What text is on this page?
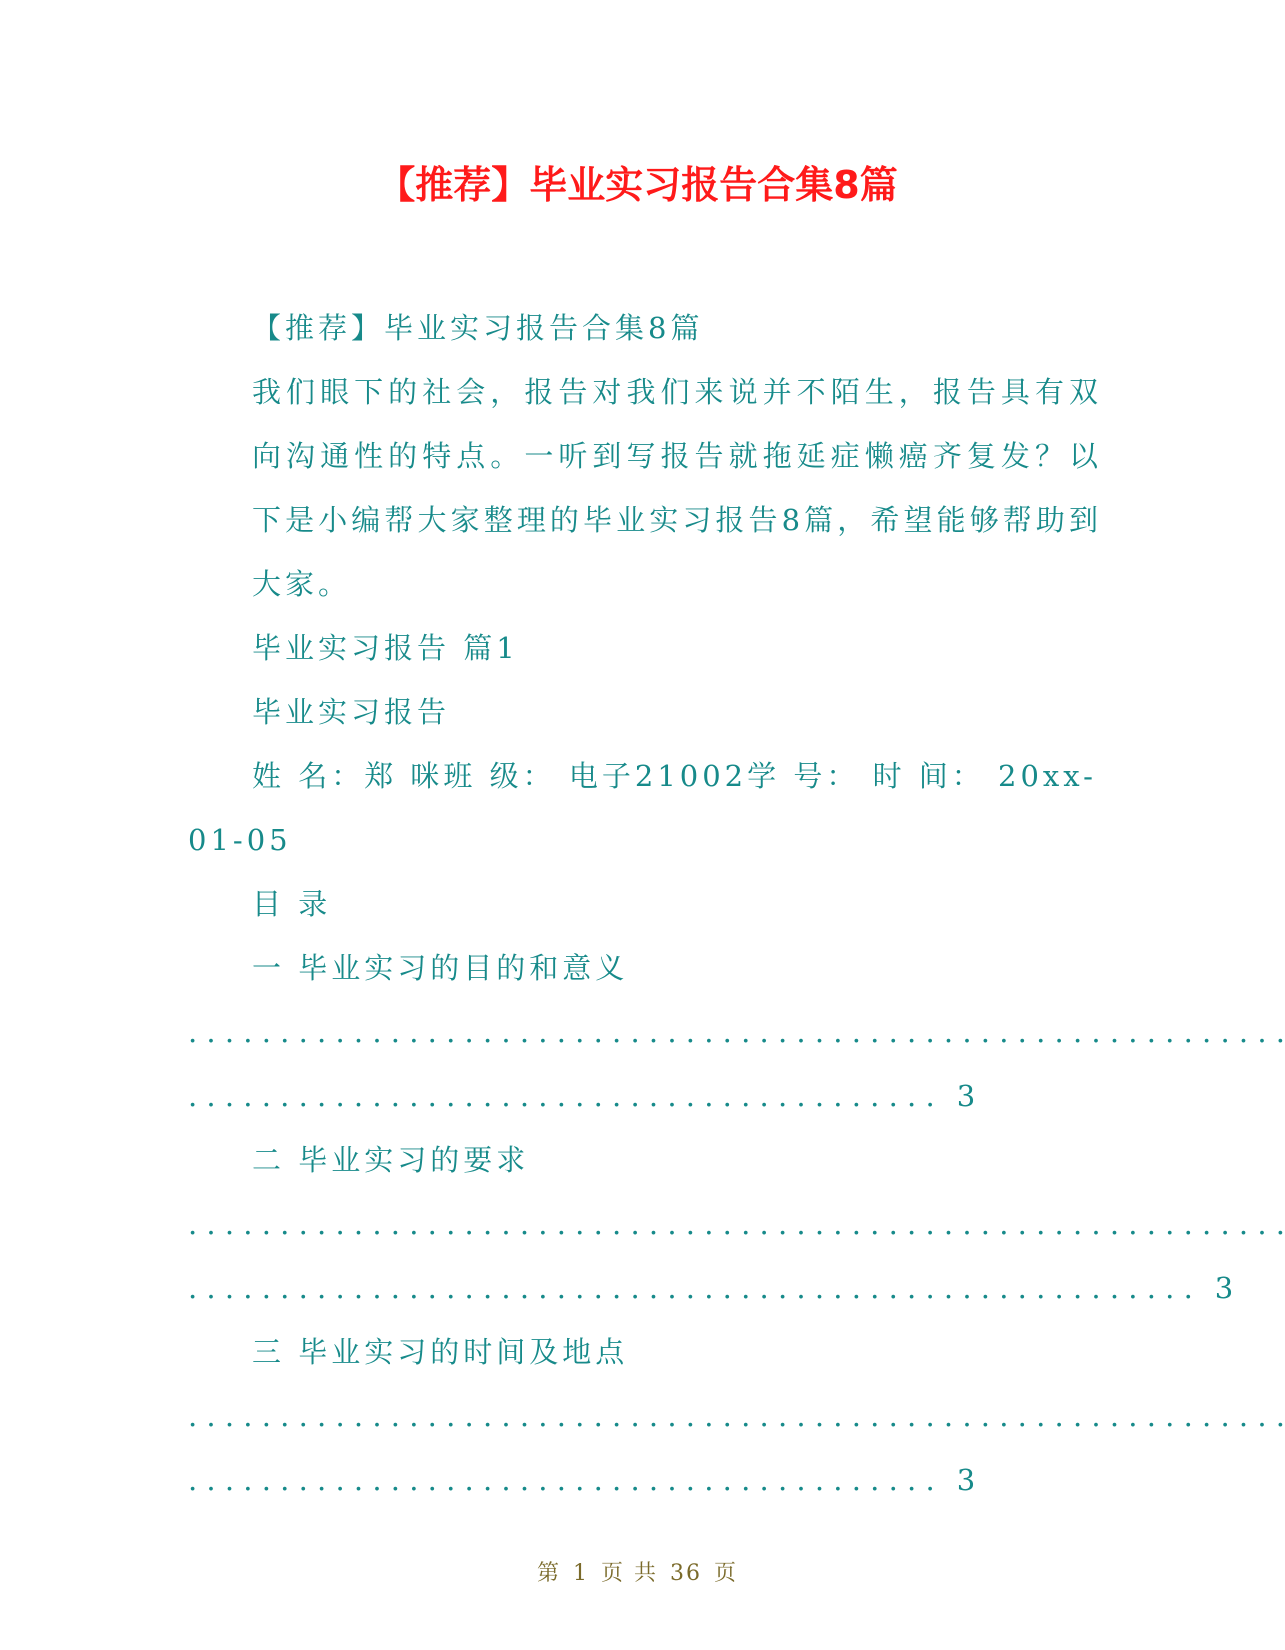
【推荐】毕业实习报告合集8篇

【推荐】毕业实习报告合集8篇

我们眼下的社会，报告对我们来说并不陌生，报告具有双向沟通性的特点。一听到写报告就拖延症懒癌齐复发？以下是小编帮大家整理的毕业实习报告8篇，希望能够帮助到大家。

毕业实习报告 篇1

毕业实习报告

姓 名：郑 咪班 级： 电子21002学 号： 时 间： 20xx-

01-05

目 录

一 毕业实习的目的和意义

. . . . . . . . . . . . . . . . . . . . . . . . . . . . . . . . . . . . . . . . . . . . . . . . . . . . . . . . . . . .

. . . . . . . . . . . . . . . . . . . . . . . . . . . . . . . . . . . . . . . . . 3

二 毕业实习的要求

. . . . . . . . . . . . . . . . . . . . . . . . . . . . . . . . . . . . . . . . . . . . . . . . . . . . . . . . . . . .

. . . . . . . . . . . . . . . . . . . . . . . . . . . . . . . . . . . . . . . . . . . . . . . . . . . . . . . 3

三 毕业实习的时间及地点

. . . . . . . . . . . . . . . . . . . . . . . . . . . . . . . . . . . . . . . . . . . . . . . . . . . . . . . . . . . .

. . . . . . . . . . . . . . . . . . . . . . . . . . . . . . . . . . . . . . . . . 3

第 1 页 共 36 页
